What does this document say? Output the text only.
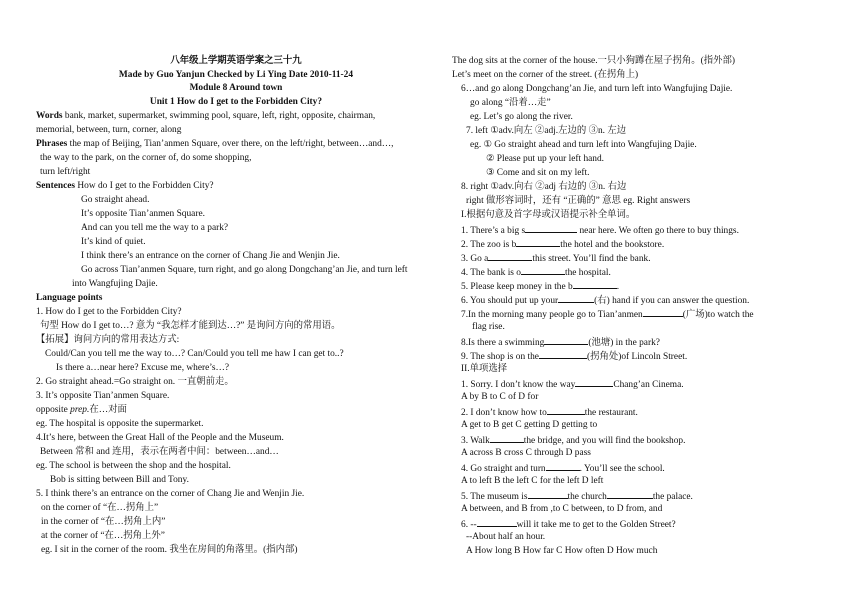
八年级上学期英语学案之三十九
Made by Guo Yanjun Checked by Li Ying Date 2010-11-24
Module 8 Around town
Unit 1 How do I get to the Forbidden City?
Words bank, market, supermarket, swimming pool, square, left, right, opposite, chairman,
memorial, between, turn, corner, along
Phrases the map of Beijing, Tian’anmen Square, over there, on the left/right, between…and…,
the way to the park, on the corner of, do some shopping,
turn left/right
Sentences How do I get to the Forbidden City?
Go straight ahead.
It’s opposite Tian’anmen Square.
And can you tell me the way to a park?
It’s kind of quiet.
I think there’s an entrance on the corner of Chang Jie and Wenjin Jie.
Go across Tian’anmen Square, turn right, and go along Dongchang’an Jie, and turn left
into Wangfujing Dajie.
Language points
1. How do I get to the Forbidden City?
句型 How do I get to…? 意为 “我怎样才能到达…?” 是询问方向的常用语。
【拓展】询问方向的常用表达方式:
Could/Can you tell me the way to…? Can/Could you tell me haw I can get to..?
Is there a…near here? Excuse me, where’s…?
2. Go straight ahead.=Go straight on. 一直朝前走。
3. It’s opposite Tian’anmen Square.
opposite prep.在…对面
eg. The hospital is opposite the supermarket.
4.It’s here, between the Great Hall of the People and the Museum.
Between 常和 and 连用，表示在两者中间：between…and…
eg. The school is between the shop and the hospital.
Bob is sitting between Bill and Tony.
5. I think there’s an entrance on the corner of Chang Jie and Wenjin Jie.
on the corner of “在…拐角上”
in the corner of “在…拐角上内”
at the corner of “在…拐角上外”
eg. I sit in the corner of the room. 我坐在房间的角落里。(指内部)
The dog sits at the corner of the house.一只小狗蹲在屋子拐角。(指外部)
Let’s meet on the corner of the street. (在拐角上)
6…and go along Dongchang’an Jie, and turn left into Wangfujing Dajie.
go along “沿着…走”
eg. Let’s go along the river.
7. left ①adv.向左 ②adj.左边的 ③n. 左边
eg. ① Go straight ahead and turn left into Wangfujing Dajie.
② Please put up your left hand.
③ Come and sit on my left.
8. right ①adv.向右 ②adj 右边的 ③n. 右边
right 做形容词时，还有 “正确的” 意思 eg. Right answers
I.根据句意及首字母或汉语提示补全单词。
1. There’s a big s	near here. We often go there to buy things.
2. The zoo is b	the hotel and the bookstore.
3. Go a	this street. You’ll find the bank.
4. The bank is o	the hospital.
5. Please keep money in the b	.
6. You should put up your	(右) hand if you can answer the question.
7.In the morning many people go to Tian’anmen	(广场)to watch the
flag rise.
8.Is there a swimming	(池塘) in the park?
9. The shop is on the	(拐角处)of Lincoln Street.
II.单项选择
1. Sorry. I don’t know the way	Chang’an Cinema.
A by B to C of D for
2. I don’t know how to	the restaurant.
A get to B get C getting D getting to
3. Walk	the bridge, and you will find the bookshop.
A across B cross C through D pass
4. Go straight and turn	. You’ll see the school.
A to left B the left C for the left D left
5. The museum is	the church	the palace.
A between, and B from ,to C between, to D from, and
6. --	will it take me to get to the Golden Street?
--About half an hour.
A How long B How far C How often D How much
